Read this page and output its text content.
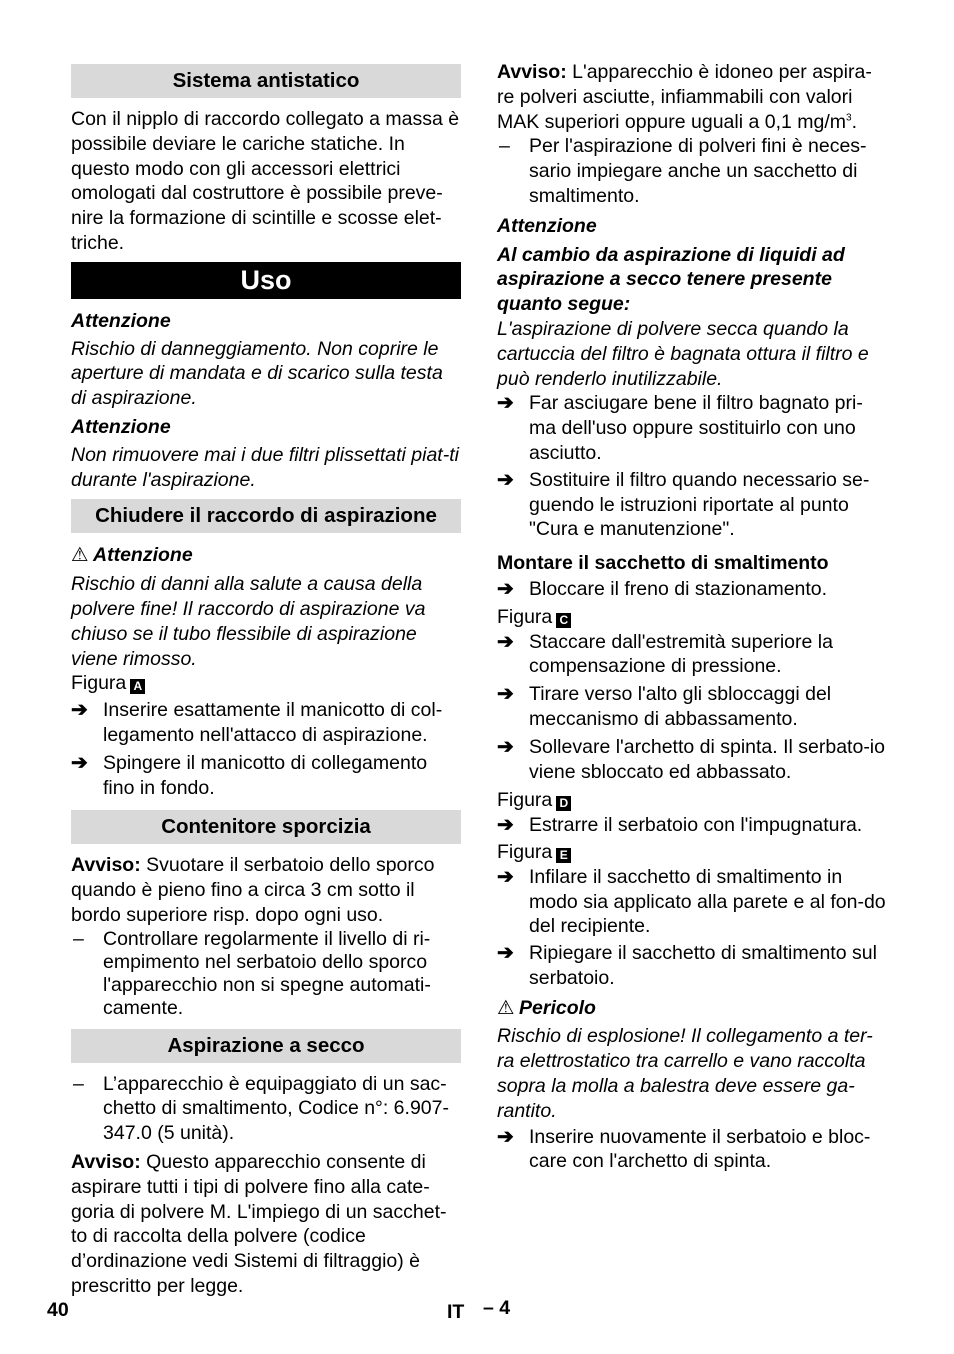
Sistema antistatico

Con il nipplo di raccordo collegato a massa è possibile deviare le cariche statiche. In questo modo con gli accessori elettrici omologati dal costruttore è possibile preve-nire la formazione di scintille e scosse elet-triche.

Uso

Attenzione

Rischio di danneggiamento. Non coprire le aperture di mandata e di scarico sulla testa di aspirazione.

Attenzione

Non rimuovere mai i due filtri plissettati piat-ti durante l'aspirazione.

Chiudere il raccordo di aspirazione

⚠ Attenzione

Rischio di danni alla salute a causa della polvere fine! Il raccordo di aspirazione va chiuso se il tubo flessibile di aspirazione viene rimosso.

Figura A

➔ Inserire esattamente il manicotto di col-legamento nell'attacco di aspirazione.
➔ Spingere il manicotto di collegamento fino in fondo.
Contenitore sporcizia

Avviso: Svuotare il serbatoio dello sporco quando è pieno fino a circa 3 cm sotto il bordo superiore risp. dopo ogni uso.

– Controllare regolarmente il livello di ri-empimento nel serbatoio dello sporco l'apparecchio non si spegne automati-camente.
Aspirazione a secco
– L’apparecchio è equipaggiato di un sac-chetto di smaltimento, Codice n°: 6.907-347.0 (5 unità).

Avviso: Questo apparecchio consente di aspirare tutti i tipi di polvere fino alla cate-goria di polvere M. L'impiego di un sacchet-to di raccolta della polvere (codice d’ordinazione vedi Sistemi di filtraggio) è prescritto per legge.

Avviso: L'apparecchio è idoneo per aspira-re polveri asciutte, infiammabili con valori MAK superiori oppure uguali a 0,1 $mg/m^3$.

– Per l'aspirazione di polveri fini è neces-sario impiegare anche un sacchetto di smaltimento.

Attenzione

Al cambio da aspirazione di liquidi ad aspirazione a secco tenere presente quanto segue:

L'aspirazione di polvere secca quando la cartuccia del filtro è bagnata ottura il filtro e può renderlo inutilizzabile.

➔ Far asciugare bene il filtro bagnato pri-ma dell'uso oppure sostituirlo con uno asciutto.
➔ Sostituire il filtro quando necessario se-guendo le istruzioni riportate al punto "Cura e manutenzione".

Montare il sacchetto di smaltimento

➔ Bloccare il freno di stazionamento.

Figura C

➔ Staccare dall'estremità superiore la compensazione di pressione.
➔ Tirare verso l'alto gli sbloccaggi del meccanismo di abbassamento.
➔ Sollevare l'archetto di spinta. Il serbato-io viene sbloccato ed abbassato.

Figura D

➔ Estrarre il serbatoio con l'impugnatura.

Figura E

➔ Infilare il sacchetto di smaltimento in modo sia applicato alla parete e al fon-do del recipiente.
➔ Ripiegare il sacchetto di smaltimento sul serbatoio.

⚠ Pericolo

Rischio di esplosione! Il collegamento a ter-ra elettrostatico tra carrello e vano raccolta sopra la molla a balestra deve essere ga-rantito.

➔ Inserire nuovamente il serbatoio e bloc-care con l'archetto di spinta.
40	IT – 4
